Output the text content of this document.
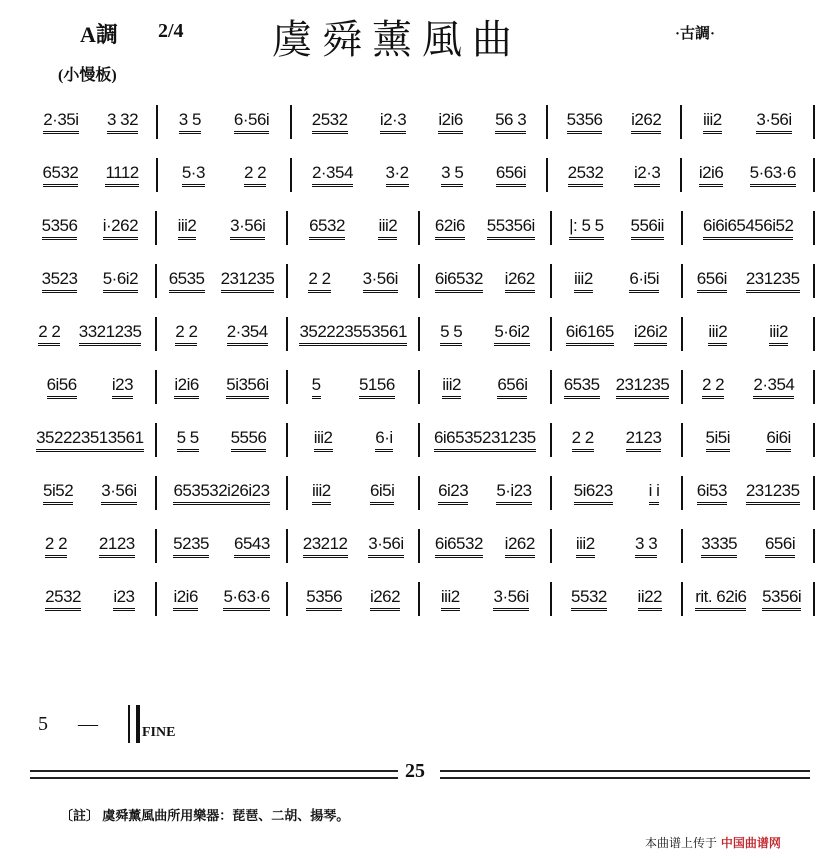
A調 2/4 虞舜薰風曲	·古調·
(小慢板)
2·35i 3 32 3 5 6·56i	2532 i2·3 i2i6 56 3 5356 i262 iii2 3·56i
6532 1112	5·3 2 2	2·354 3·2 3 5 656i 2532 i2·3 i2i6 5·63·6
5356 i·262 iii2 3·56i	6532 iii2 62i6 55356i |: 5 5 556ii 6i6i65456i52
3523 5·6i2 6535 231235 2 2 3·56i 6i6532 i262 iii2 6·i5i 656i 231235
2 2 3321235 2 2 2·354 352223553561 5 5 5·6i2 6i6165 i26i2 iii2 iii2
6i56 i23 i2i6 5i356i	5 5156	iii2 656i 6535 231235 2 2 2·354
352223513561 5 5 5556	iii2	6·i 6i6535231235 2 2 2123	5i5i 6i6i
5i52 3·56i 653532i26i23 iii2 6i5i	6i23 5·i23 5i623 i i 6i53 231235
2 2 2123 5235 6543 23212 3·56i 6i6532 i262 iii2 3 3	3335 656i
2532 i23 i2i6 5·63·6 5356 i262 iii2 3·56i 5532 ii22 rit. 62i6 5356i
5 —	FINE
25
〔註〕 虞舜薰風曲所用樂器：琵琶、二胡、揚琴。
本曲谱上传于 中国曲谱网
